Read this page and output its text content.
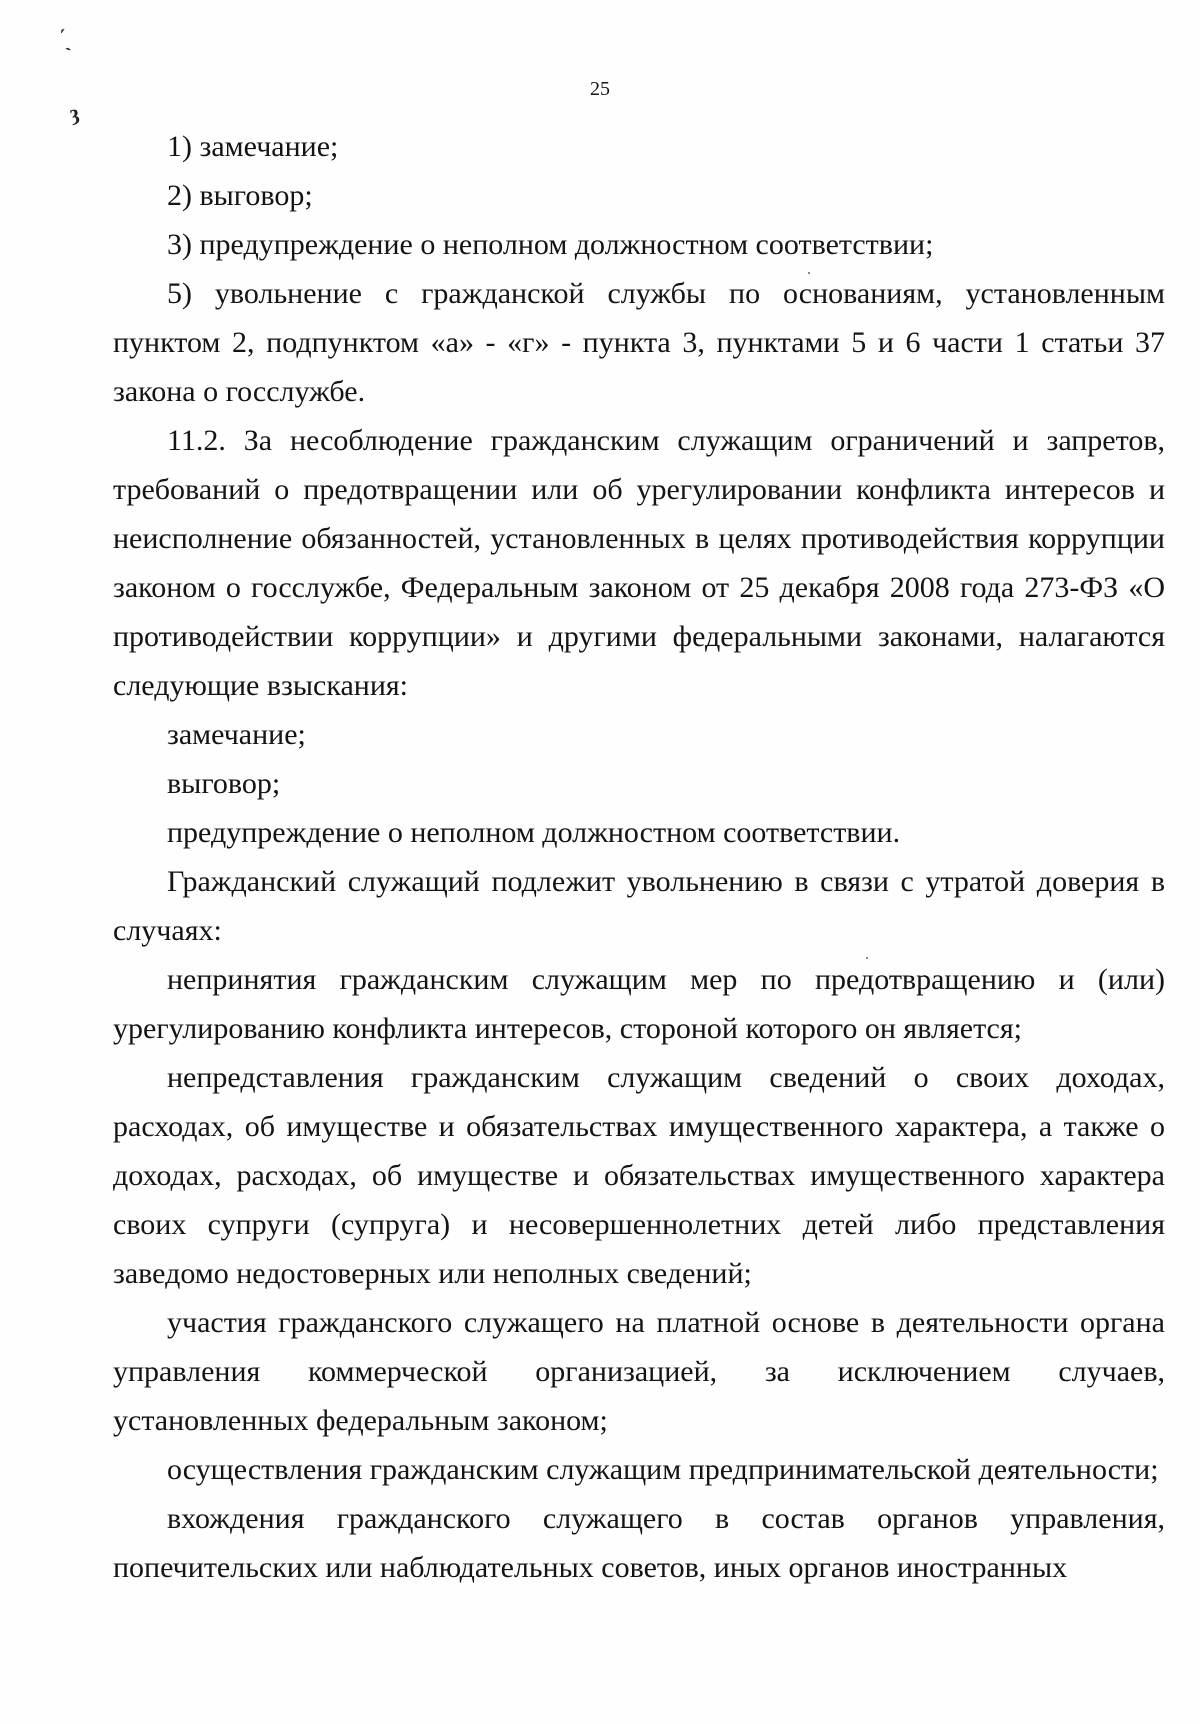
ˎ́
ȝ
25

1) замечание;

2) выговор;

3) предупреждение о неполном должностном соответствии;

5) увольнение с гражданской службы по основаниям, установленным пунктом 2, подпунктом «а» - «г» - пункта 3, пунктами 5 и 6 части 1 статьи 37 закона о госслужбе.

11.2. За несоблюдение гражданским служащим ограничений и запретов, требований о предотвращении или об урегулировании конфликта интересов и неисполнение обязанностей, установленных в целях противодействия коррупции законом о госслужбе, Федеральным законом от 25 декабря 2008 года 273-ФЗ «О противодействии коррупции» и другими федеральными законами, налагаются следующие взыскания:

замечание;

выговор;

предупреждение о неполном должностном соответствии.

Гражданский служащий подлежит увольнению в связи с утратой доверия в случаях:

непринятия гражданским служащим мер по предотвращению и (или) урегулированию конфликта интересов, стороной которого он является;

непредставления гражданским служащим сведений о своих доходах, расходах, об имуществе и обязательствах имущественного характера, а также о доходах, расходах, об имуществе и обязательствах имущественного характера своих супруги (супруга) и несовершеннолетних детей либо представления заведомо недостоверных или неполных сведений;

участия гражданского служащего на платной основе в деятельности органа управления коммерческой организацией, за исключением случаев, установленных федеральным законом;

осуществления гражданским служащим предпринимательской деятельности;

вхождения гражданского служащего в состав органов управления, попечительских или наблюдательных советов, иных органов иностранных
